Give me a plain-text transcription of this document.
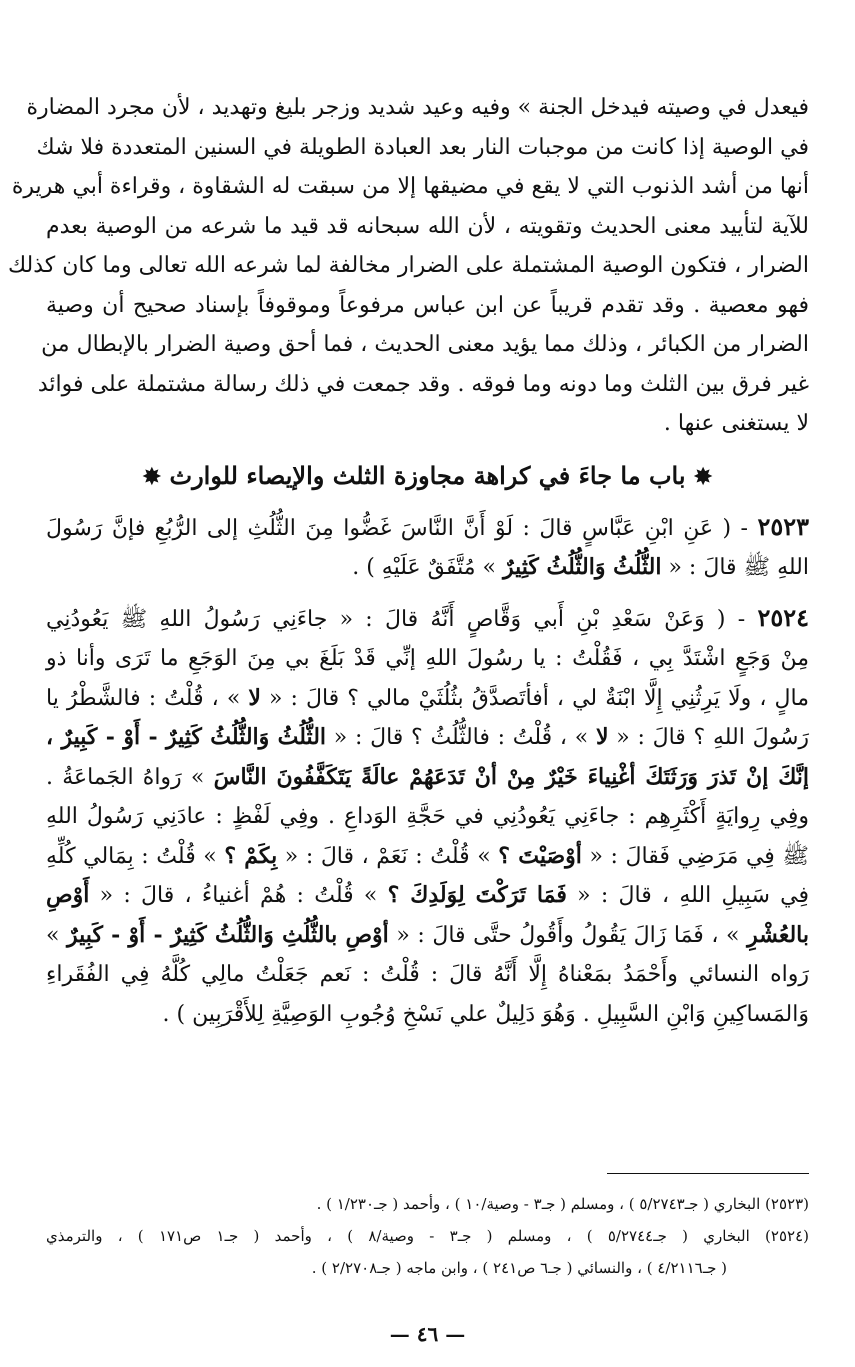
فيعدل في وصيته فيدخل الجنة » وفيه وعيد شديد وزجر بليغ وتهديد ، لأن مجرد المضارة
في الوصية إذا كانت من موجبات النار بعد العبادة الطويلة في السنين المتعددة فلا شك
أنها من أشد الذنوب التي لا يقع في مضيقها إلا من سبقت له الشقاوة ، وقراءة أبي هريرة
للآية لتأييد معنى الحديث وتقويته ، لأن الله سبحانه قد قيد ما شرعه من الوصية بعدم
الضرار ، فتكون الوصية المشتملة على الضرار مخالفة لما شرعه الله تعالى وما كان كذلك
فهو معصية . وقد تقدم قريباً عن ابن عباس مرفوعاً وموقوفاً بإسناد صحيح أن وصية
الضرار من الكبائر ، وذلك مما يؤيد معنى الحديث ، فما أحق وصية الضرار بالإبطال من
غير فرق بين الثلث وما دونه وما فوقه . وقد جمعت في ذلك رسالة مشتملة على فوائد
لا يستغنى عنها .
✸ باب ما جاءَ في كراهة مجاوزة الثلث والإيصاء للوارث ✸
٢٥٢٣ - ( عَنِ ابْنِ عَبَّاسٍ قالَ : لَوْ أَنَّ النَّاسَ غَضُّوا مِنَ الثُّلُثِ إلى الرُّبُعِ فإنَّ رَسُولَ
اللهِ ﷺ قالَ : « الثُّلُثُ وَالثُّلُثُ كَثِيرٌ » مُتَّفَقٌ عَلَيْهِ ) .
٢٥٢٤ - ( وَعَنْ سَعْدِ بْنِ أَبي وَقَّاصٍ أَنَّهُ قالَ : « جاءَنِي رَسُولُ اللهِ ﷺ يَعُودُنِي
مِنْ وَجَعٍ اشْتَدَّ بِي ، فَقُلْتُ : يا رسُولَ اللهِ إنِّي قَدْ بَلَغَ بي مِنَ الوَجَعِ ما تَرَى وأنا ذو
مالٍ ، ولَا يَرِثُنِي إِلَّا ابْنَةٌ لي ، أفأتَصدَّقُ بثُلُثَيْ مالي ؟ قالَ : « لا » ، قُلْتُ : فالشَّطْرُ يا
رَسُولَ اللهِ ؟ قالَ : « لا » ، قُلْتُ : فالثُّلُثُ ؟ قالَ : « الثُّلُثُ وَالثُّلُثُ كَثِيرٌ - أَوْ - كَبِيرٌ ،
إنَّكَ إنْ تَذرَ وَرَثَتَكَ أغْنِياءَ خَيْرٌ مِنْ أنْ تَدَعَهُمْ عالَةً يَتَكَفَّفُونَ النَّاسَ » رَواهُ الجَماعَةُ .
وفِي رِوايَةٍ أَكْثَرِهِم : جاءَنِي يَعُودُنِي في حَجَّةِ الوَداعِ . وفِي لَفْظٍ : عادَنِي رَسُولُ اللهِ
ﷺ فِي مَرَضِي فَقالَ : « أوْصَيْتَ ؟ » قُلْتُ : نَعَمْ ، قالَ : « بِكَمْ ؟ » قُلْتُ : بِمَالي كُلِّهِ
فِي سَبِيلِ اللهِ ، قالَ : « فَمَا تَرَكْتَ لِوَلَدِكَ ؟ » قُلْتُ : هُمْ أغنياءُ ، قالَ : « أَوْصِ
بالعُشْرِ » ، فَمَا زَالَ يَقُولُ وأَقُولُ حتَّى قالَ : « أوْصِ بالثُّلُثِ وَالثُّلُثُ كَثِيرٌ - أَوْ - كَبِيرٌ »
رَواه النسائي وأَحْمَدُ بمَعْناهُ إِلَّا أَنَّهُ قالَ : قُلْتُ : نَعم جَعَلْتُ مالِي كُلَّهُ فِي الفُقَراءِ
وَالمَساكِينِ وَابْنِ السَّبِيلِ . وَهُوَ دَلِيلٌ علي نَسْخِ وُجُوبِ الوَصِيَّةِ لِلأَقْرَبِين ) .
(٢٥٢٣) البخاري ( جـ٥/٢٧٤٣ ) ، ومسلم ( جـ٣ - وصية/١٠ ) ، وأحمد ( جـ١/٢٣٠ ) .
(٢٥٢٤) البخاري ( جـ٥/٢٧٤٤ ) ، ومسلم ( جـ٣ - وصية/٨ ) ، وأحمد ( جـ١ ص١٧١ ) ، والترمذي
( جـ٤/٢١١٦ ) ، والنسائي ( جـ٦ ص٢٤١ ) ، وابن ماجه ( جـ٢/٢٧٠٨ ) .
— ٤٦ —
